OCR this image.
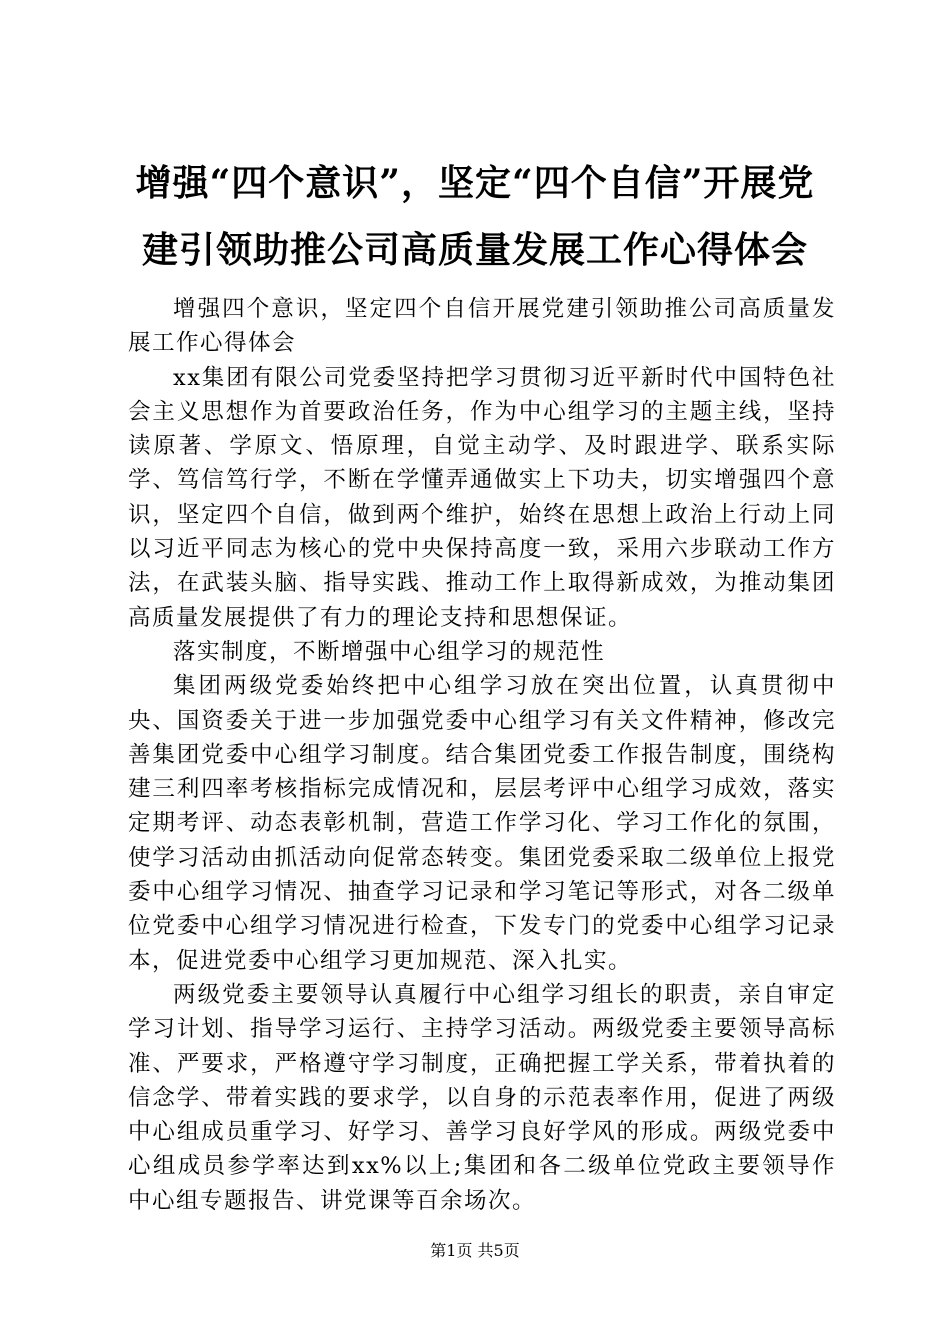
增强“四个意识”，坚定“四个自信”开展党
建引领助推公司高质量发展工作心得体会

增强四个意识，坚定四个自信开展党建引领助推公司高质量发展工作心得体会

xx集团有限公司党委坚持把学习贯彻习近平新时代中国特色社会主义思想作为首要政治任务，作为中心组学习的主题主线，坚持读原著、学原文、悟原理，自觉主动学、及时跟进学、联系实际学、笃信笃行学，不断在学懂弄通做实上下功夫，切实增强四个意识，坚定四个自信，做到两个维护，始终在思想上政治上行动上同以习近平同志为核心的党中央保持高度一致，采用六步联动工作方法，在武装头脑、指导实践、推动工作上取得新成效，为推动集团高质量发展提供了有力的理论支持和思想保证。

落实制度，不断增强中心组学习的规范性

集团两级党委始终把中心组学习放在突出位置，认真贯彻中央、国资委关于进一步加强党委中心组学习有关文件精神，修改完善集团党委中心组学习制度。结合集团党委工作报告制度，围绕构建三利四率考核指标完成情况和，层层考评中心组学习成效，落实定期考评、动态表彰机制，营造工作学习化、学习工作化的氛围，使学习活动由抓活动向促常态转变。集团党委采取二级单位上报党委中心组学习情况、抽查学习记录和学习笔记等形式，对各二级单位党委中心组学习情况进行检查，下发专门的党委中心组学习记录本，促进党委中心组学习更加规范、深入扎实。

两级党委主要领导认真履行中心组学习组长的职责，亲自审定学习计划、指导学习运行、主持学习活动。两级党委主要领导高标准、严要求，严格遵守学习制度，正确把握工学关系，带着执着的信念学、带着实践的要求学，以自身的示范表率作用，促进了两级中心组成员重学习、好学习、善学习良好学风的形成。两级党委中心组成员参学率达到xx%以上;集团和各二级单位党政主要领导作中心组专题报告、讲党课等百余场次。

第1页 共5页
